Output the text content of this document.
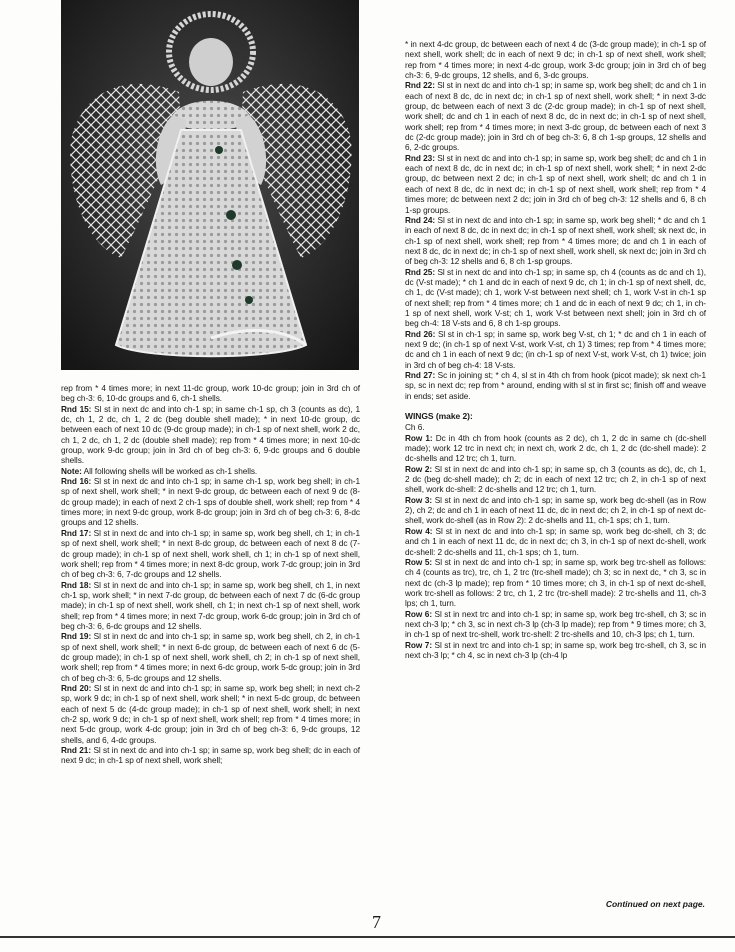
rep from * 4 times more; in next 11-dc group, work 10-dc group; join in 3rd ch of beg ch-3: 6, 10-dc groups and 6, ch-1 shells.

Rnd 15: Sl st in next dc and into ch-1 sp; in same ch-1 sp, ch 3 (counts as dc), 1 dc, ch 1, 2 dc, ch 1, 2 dc (beg double shell made); * in next 10-dc group, dc between each of next 10 dc (9-dc group made); in ch-1 sp of next shell, work 2 dc, ch 1, 2 dc, ch 1, 2 dc (double shell made); rep from * 4 times more; in next 10-dc group, work 9-dc group; join in 3rd ch of beg ch-3: 6, 9-dc groups and 6 double shells.

Note: All following shells will be worked as ch-1 shells.

Rnd 16: Sl st in next dc and into ch-1 sp; in same ch-1 sp, work beg shell; in ch-1 sp of next shell, work shell; * in next 9-dc group, dc between each of next 9 dc (8-dc group made); in each of next 2 ch-1 sps of double shell, work shell; rep from * 4 times more; in next 9-dc group, work 8-dc group; join in 3rd ch of beg ch-3: 6, 8-dc groups and 12 shells.

Rnd 17: Sl st in next dc and into ch-1 sp; in same sp, work beg shell, ch 1; in ch-1 sp of next shell, work shell; * in next 8-dc group, dc between each of next 8 dc (7-dc group made); in ch-1 sp of next shell, work shell, ch 1; in ch-1 sp of next shell, work shell; rep from * 4 times more; in next 8-dc group, work 7-dc group; join in 3rd ch of beg ch-3: 6, 7-dc groups and 12 shells.

Rnd 18: Sl st in next dc and into ch-1 sp; in same sp, work beg shell, ch 1, in next ch-1 sp, work shell; * in next 7-dc group, dc between each of next 7 dc (6-dc group made); in ch-1 sp of next shell, work shell, ch 1; in next ch-1 sp of next shell, work shell; rep from * 4 times more; in next 7-dc group, work 6-dc group; join in 3rd ch of beg ch-3: 6, 6-dc groups and 12 shells.

Rnd 19: Sl st in next dc and into ch-1 sp; in same sp, work beg shell, ch 2, in ch-1 sp of next shell, work shell; * in next 6-dc group, dc between each of next 6 dc (5-dc group made); in ch-1 sp of next shell, work shell, ch 2; in ch-1 sp of next shell, work shell; rep from * 4 times more; in next 6-dc group, work 5-dc group; join in 3rd ch of beg ch-3: 6, 5-dc groups and 12 shells.

Rnd 20: Sl st in next dc and into ch-1 sp; in same sp, work beg shell; in next ch-2 sp, work 9 dc; in ch-1 sp of next shell, work shell; * in next 5-dc group, dc between each of next 5 dc (4-dc group made); in ch-1 sp of next shell, work shell; in next ch-2 sp, work 9 dc; in ch-1 sp of next shell, work shell; rep from * 4 times more; in next 5-dc group, work 4-dc group; join in 3rd ch of beg ch-3: 6, 9-dc groups, 12 shells, and 6, 4-dc groups.

Rnd 21: Sl st in next dc and into ch-1 sp; in same sp, work beg shell; dc in each of next 9 dc; in ch-1 sp of next shell, work shell;

* in next 4-dc group, dc between each of next 4 dc (3-dc group made); in ch-1 sp of next shell, work shell; dc in each of next 9 dc; in ch-1 sp of next shell, work shell; rep from * 4 times more; in next 4-dc group, work 3-dc group; join in 3rd ch of beg ch-3: 6, 9-dc groups, 12 shells, and 6, 3-dc groups.

Rnd 22: Sl st in next dc and into ch-1 sp; in same sp, work beg shell; dc and ch 1 in each of next 8 dc, dc in next dc; in ch-1 sp of next shell, work shell; * in next 3-dc group, dc between each of next 3 dc (2-dc group made); in ch-1 sp of next shell, work shell; dc and ch 1 in each of next 8 dc, dc in next dc; in ch-1 sp of next shell, work shell; rep from * 4 times more; in next 3-dc group, dc between each of next 3 dc (2-dc group made); join in 3rd ch of beg ch-3: 6, 8 ch 1-sp groups, 12 shells and 6, 2-dc groups.

Rnd 23: Sl st in next dc and into ch-1 sp; in same sp, work beg shell; dc and ch 1 in each of next 8 dc, dc in next dc; in ch-1 sp of next shell, work shell; * in next 2-dc group, dc between next 2 dc; in ch-1 sp of next shell, work shell; dc and ch 1 in each of next 8 dc, dc in next dc; in ch-1 sp of next shell, work shell; rep from * 4 times more; dc between next 2 dc; join in 3rd ch of beg ch-3: 12 shells and 6, 8 ch 1-sp groups.

Rnd 24: Sl st in next dc and into ch-1 sp; in same sp, work beg shell; * dc and ch 1 in each of next 8 dc, dc in next dc; in ch-1 sp of next shell, work shell; sk next dc, in ch-1 sp of next shell, work shell; rep from * 4 times more; dc and ch 1 in each of next 8 dc, dc in next dc; in ch-1 sp of next shell, work shell, sk next dc; join in 3rd ch of beg ch-3: 12 shells and 6, 8 ch 1-sp groups.

Rnd 25: Sl st in next dc and into ch-1 sp; in same sp, ch 4 (counts as dc and ch 1), dc (V-st made); * ch 1 and dc in each of next 9 dc, ch 1; in ch-1 sp of next shell, dc, ch 1, dc (V-st made); ch 1, work V-st between next shell; ch 1, work V-st in ch-1 sp of next shell; rep from * 4 times more; ch 1 and dc in each of next 9 dc; ch 1, in ch-1 sp of next shell, work V-st; ch 1, work V-st between next shell; join in 3rd ch of beg ch-4: 18 V-sts and 6, 8 ch 1-sp groups.

Rnd 26: Sl st in ch-1 sp; in same sp, work beg V-st, ch 1; * dc and ch 1 in each of next 9 dc; (in ch-1 sp of next V-st, work V-st, ch 1) 3 times; rep from * 4 times more; dc and ch 1 in each of next 9 dc; (in ch-1 sp of next V-st, work V-st, ch 1) twice; join in 3rd ch of beg ch-4: 18 V-sts.

Rnd 27: Sc in joining st; * ch 4, sl st in 4th ch from hook (picot made); sk next ch-1 sp, sc in next dc; rep from * around, ending with sl st in first sc; finish off and weave in ends; set aside.

WINGS (make 2):

Ch 6.

Row 1: Dc in 4th ch from hook (counts as 2 dc), ch 1, 2 dc in same ch (dc-shell made); work 12 trc in next ch; in next ch, work 2 dc, ch 1, 2 dc (dc-shell made): 2 dc-shells and 12 trc; ch 1, turn.

Row 2: Sl st in next dc and into ch-1 sp; in same sp, ch 3 (counts as dc), dc, ch 1, 2 dc (beg dc-shell made); ch 2; dc in each of next 12 trc; ch 2, in ch-1 sp of next shell, work dc-shell: 2 dc-shells and 12 trc; ch 1, turn.

Row 3: Sl st in next dc and into ch-1 sp; in same sp, work beg dc-shell (as in Row 2), ch 2; dc and ch 1 in each of next 11 dc, dc in next dc; ch 2, in ch-1 sp of next dc-shell, work dc-shell (as in Row 2): 2 dc-shells and 11, ch-1 sps; ch 1, turn.

Row 4: Sl st in next dc and into ch-1 sp; in same sp, work beg dc-shell, ch 3; dc and ch 1 in each of next 11 dc, dc in next dc; ch 3, in ch-1 sp of next dc-shell, work dc-shell: 2 dc-shells and 11, ch-1 sps; ch 1, turn.

Row 5: Sl st in next dc and into ch-1 sp; in same sp, work beg trc-shell as follows: ch 4 (counts as trc), trc, ch 1, 2 trc (trc-shell made); ch 3; sc in next dc, * ch 3, sc in next dc (ch-3 lp made); rep from * 10 times more; ch 3, in ch-1 sp of next dc-shell, work trc-shell as follows: 2 trc, ch 1, 2 trc (trc-shell made): 2 trc-shells and 11, ch-3 lps; ch 1, turn.

Row 6: Sl st in next trc and into ch-1 sp; in same sp, work beg trc-shell, ch 3; sc in next ch-3 lp; * ch 3, sc in next ch-3 lp (ch-3 lp made); rep from * 9 times more; ch 3, in ch-1 sp of next trc-shell, work trc-shell: 2 trc-shells and 10, ch-3 lps; ch 1, turn.

Row 7: Sl st in next trc and into ch-1 sp; in same sp, work beg trc-shell, ch 3, sc in next ch-3 lp; * ch 4, sc in next ch-3 lp (ch-4 lp

Continued on next page.
7
